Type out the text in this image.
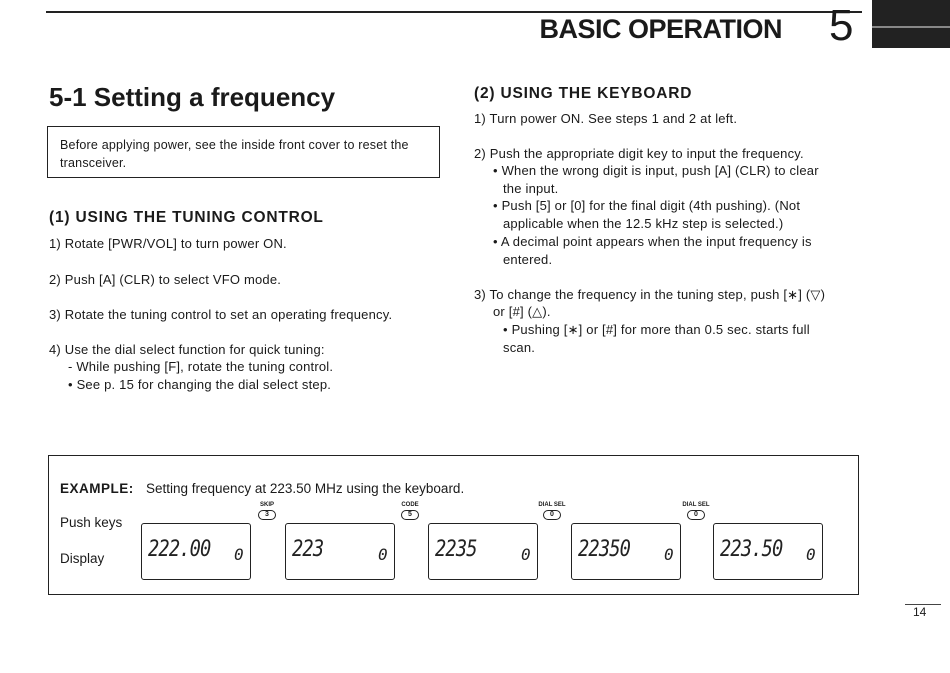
BASIC OPERATION 5
5-1 Setting a frequency
Before applying power, see the inside front cover to reset the transceiver.
(1) USING THE TUNING CONTROL
1) Rotate [PWR/VOL] to turn power ON.
2) Push [A] (CLR) to select VFO mode.
3) Rotate the tuning control to set an operating frequency.
4) Use the dial select function for quick tuning:
- While pushing [F], rotate the tuning control.
• See p. 15 for changing the dial select step.
(2) USING THE KEYBOARD
1) Turn power ON. See steps 1 and 2 at left.
2) Push the appropriate digit key to input the frequency.
• When the wrong digit is input, push [A] (CLR) to clear
the input.
• Push [5] or [0] for the final digit (4th pushing). (Not
applicable when the 12.5 kHz step is selected.)
• A decimal point appears when the input frequency is
entered.
3) To change the frequency in the tuning step, push [∗] (▽)
or [#] (△).
• Pushing [∗] or [#] for more than 0.5 sec. starts full
scan.
EXAMPLE: Setting frequency at 223.50 MHz using the keyboard.
Push keys
Display
SKIP
3
CODE
5
DIAL SEL
0
DIAL SEL
0
222.00 0 223	0 2235	0 22350 0 223.50 0
14
